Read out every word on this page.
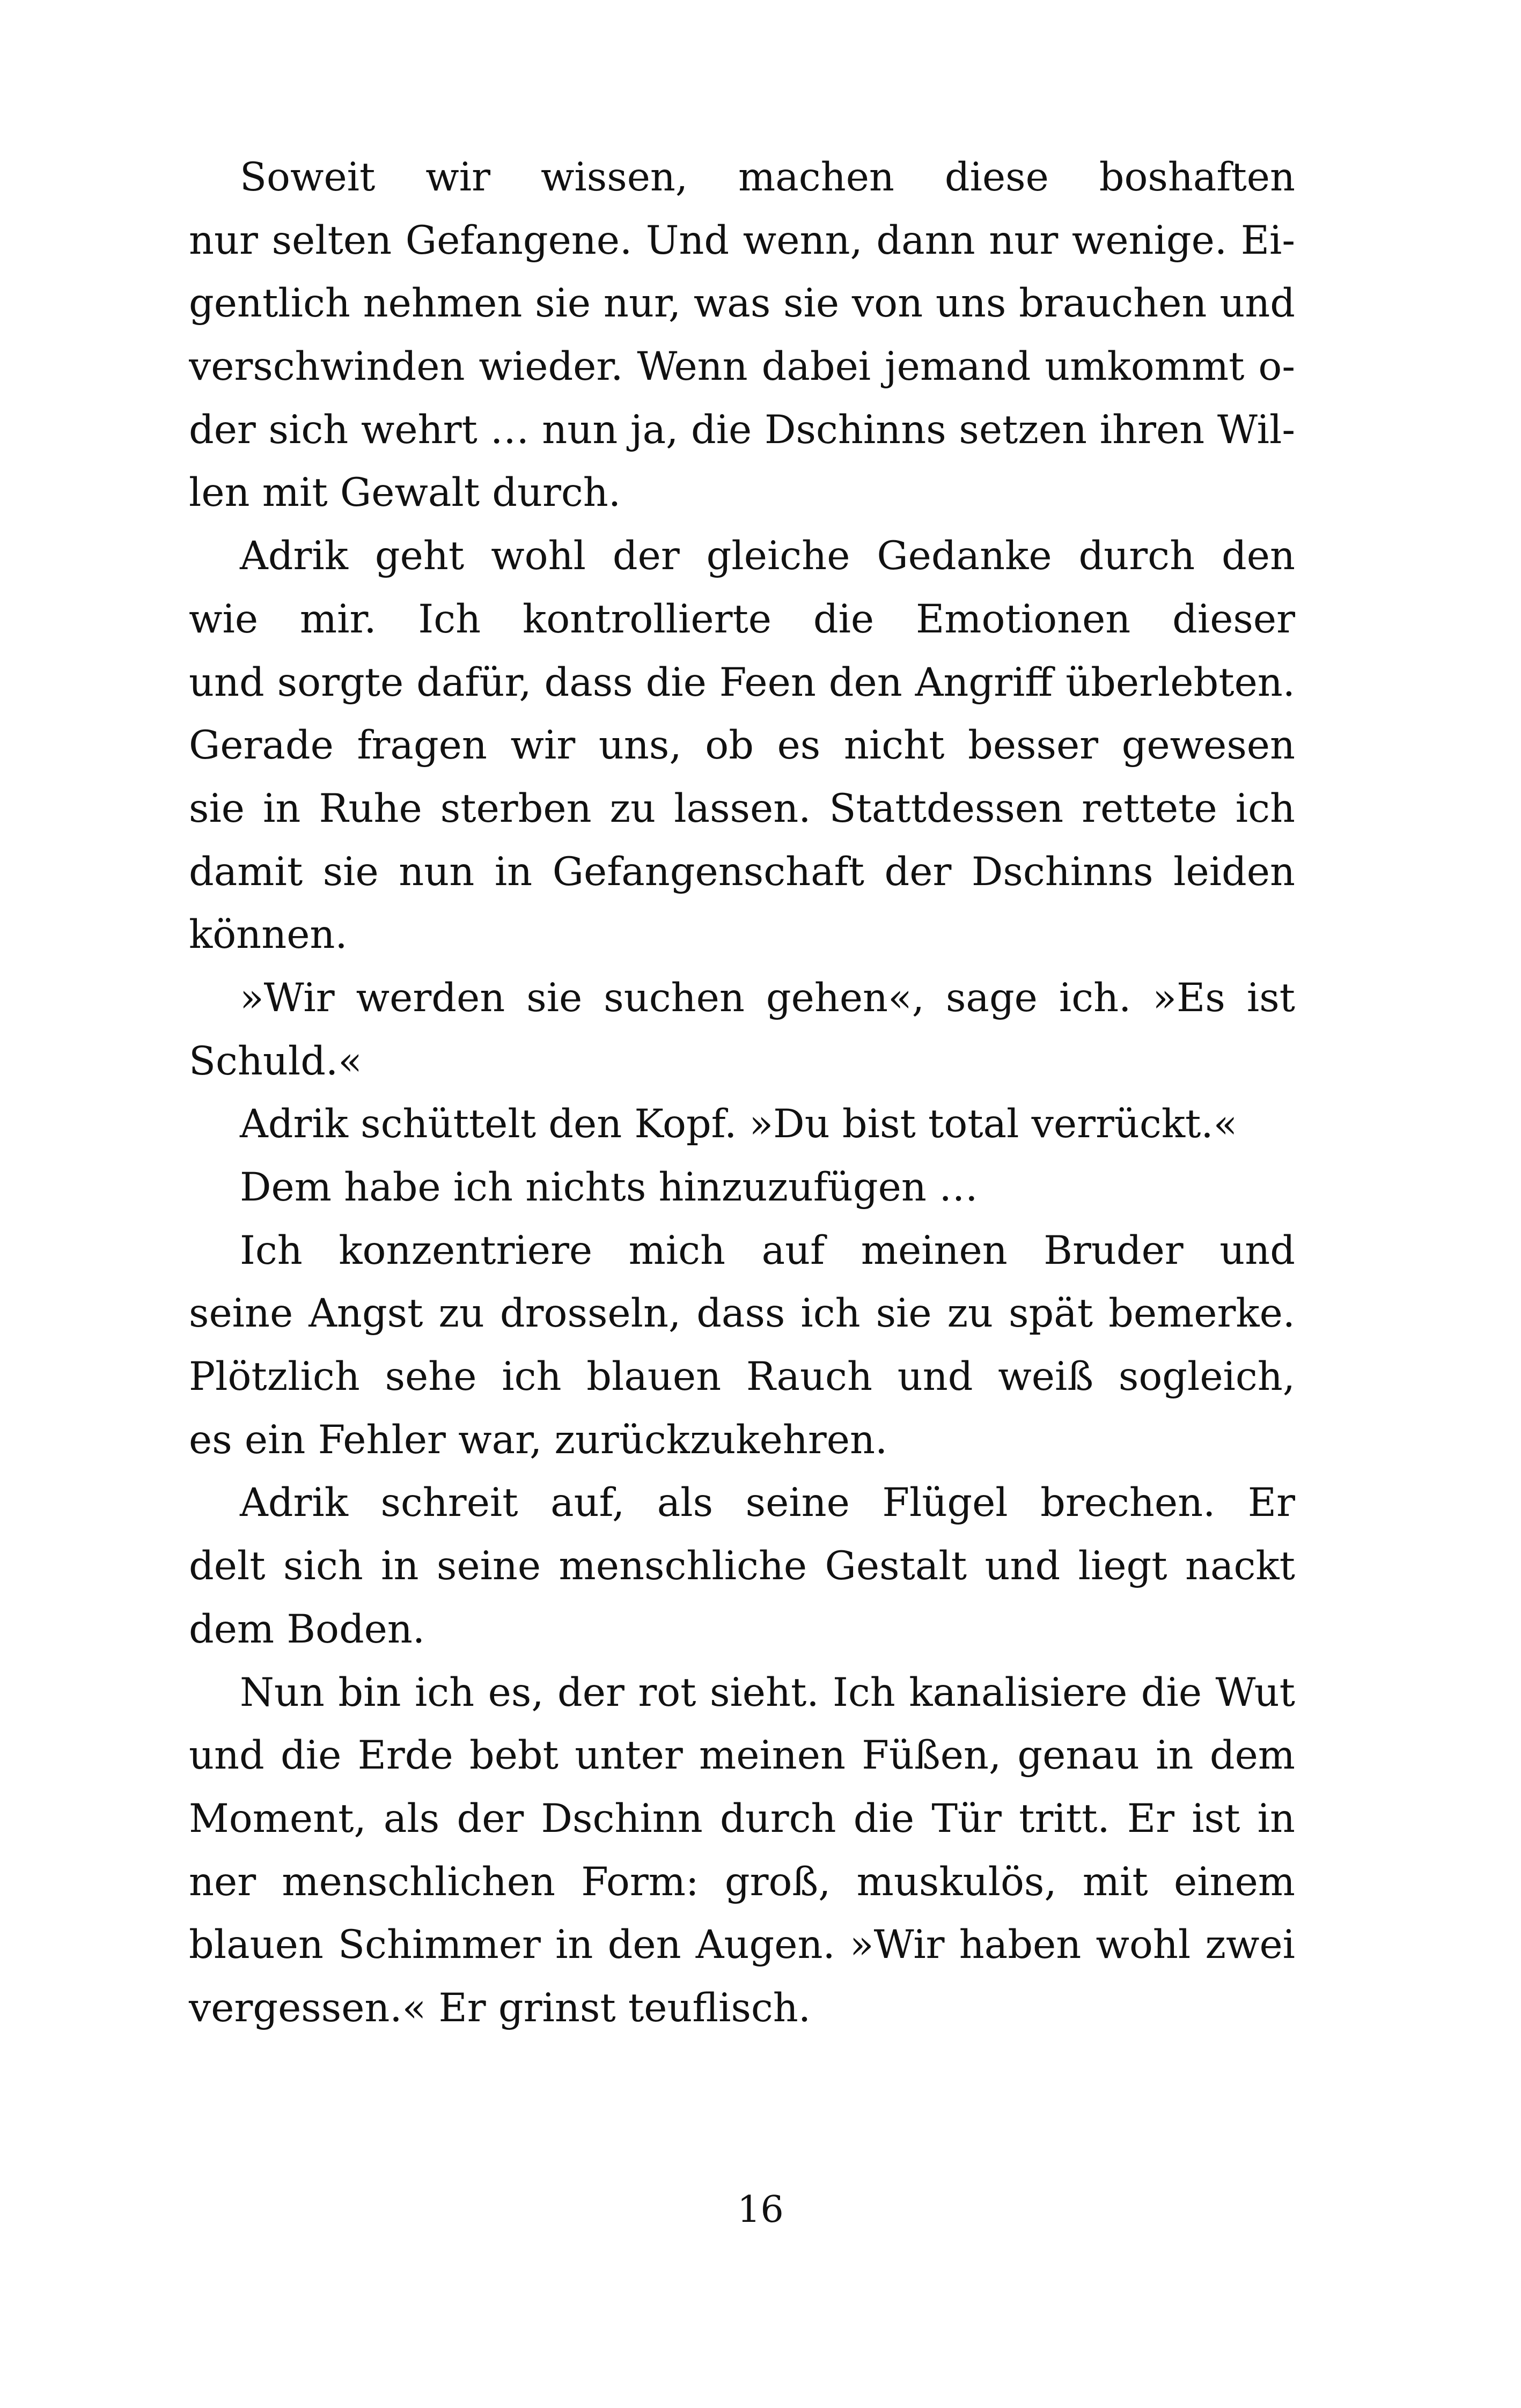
Soweit wir wissen, machen diese boshaften
nur selten Gefangene. Und wenn, dann nur wenige. Ei-
gentlich nehmen sie nur, was sie von uns brauchen und
verschwinden wieder. Wenn dabei jemand umkommt o-
der sich wehrt … nun ja, die Dschinns setzen ihren Wil-
len mit Gewalt durch.
Adrik geht wohl der gleiche Gedanke durch den
wie mir. Ich kontrollierte die Emotionen dieser
und sorgte dafür, dass die Feen den Angriff überlebten.
Gerade fragen wir uns, ob es nicht besser gewesen
sie in Ruhe sterben zu lassen. Stattdessen rettete ich
damit sie nun in Gefangenschaft der Dschinns leiden
können.
»Wir werden sie suchen gehen«, sage ich. »Es ist
Schuld.«
Adrik schüttelt den Kopf. »Du bist total verrückt.«
Dem habe ich nichts hinzuzufügen …
Ich konzentriere mich auf meinen Bruder und
seine Angst zu drosseln, dass ich sie zu spät bemerke.
Plötzlich sehe ich blauen Rauch und weiß sogleich,
es ein Fehler war, zurückzukehren.
Adrik schreit auf, als seine Flügel brechen. Er
delt sich in seine menschliche Gestalt und liegt nackt
dem Boden.
Nun bin ich es, der rot sieht. Ich kanalisiere die Wut
und die Erde bebt unter meinen Füßen, genau in dem
Moment, als der Dschinn durch die Tür tritt. Er ist in
ner menschlichen Form: groß, muskulös, mit einem
blauen Schimmer in den Augen. »Wir haben wohl zwei
vergessen.« Er grinst teuflisch.
16
